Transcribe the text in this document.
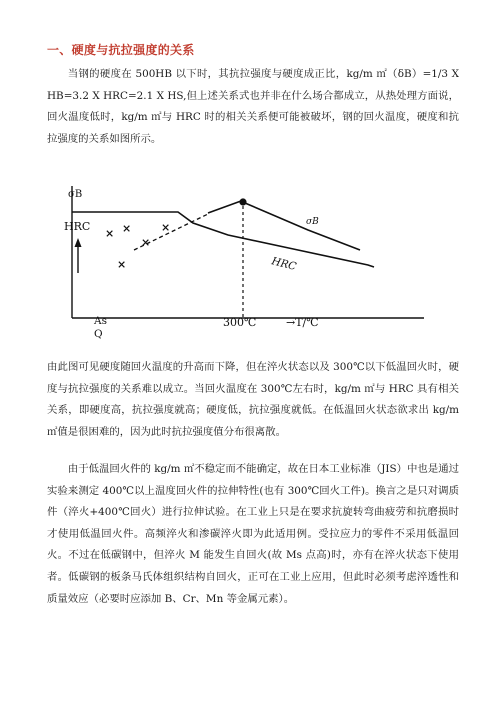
一、硬度与抗拉强度的关系

当钢的硬度在 500HB 以下时，其抗拉强度与硬度成正比，kg/m ㎡（δB）=1/3 X HB=3.2 X HRC=2.1 X HS,但上述关系式也并非在什么场合都成立，从热处理方面说，回火温度低时，kg/m ㎡与 HRC 时的相关关系便可能被破坏，钢的回火温度，硬度和抗拉强度的关系如图所示。

σB
HRC
As
Q
300℃	→T/℃
σB
HRC
× ×
×
×
×

由此图可见硬度随回火温度的升高而下降，但在淬火状态以及 300℃以下低温回火时，硬度与抗拉强度的关系难以成立。当回火温度在 300℃左右时，kg/m ㎡与 HRC 具有相关关系，即硬度高，抗拉强度就高；硬度低，抗拉强度就低。在低温回火状态欲求出 kg/m ㎡值是很困难的，因为此时抗拉强度值分布很离散。

由于低温回火件的 kg/m ㎡不稳定而不能确定，故在日本工业标准（JIS）中也是通过实验来测定 400℃以上温度回火件的拉伸特性(也有 300℃回火工件)。换言之是只对调质件（淬火+400℃回火）进行拉伸试验。在工业上只是在要求抗旋转弯曲疲劳和抗磨损时才使用低温回火件。高频淬火和渗碳淬火即为此适用例。受拉应力的零件不采用低温回火。不过在低碳钢中，但淬火 M 能发生自回火(故 Ms 点高)时，亦有在淬火状态下使用者。低碳钢的板条马氏体组织结构自回火，正可在工业上应用，但此时必须考虑淬透性和质量效应（必要时应添加 B、Cr、Mn 等金属元素）。
